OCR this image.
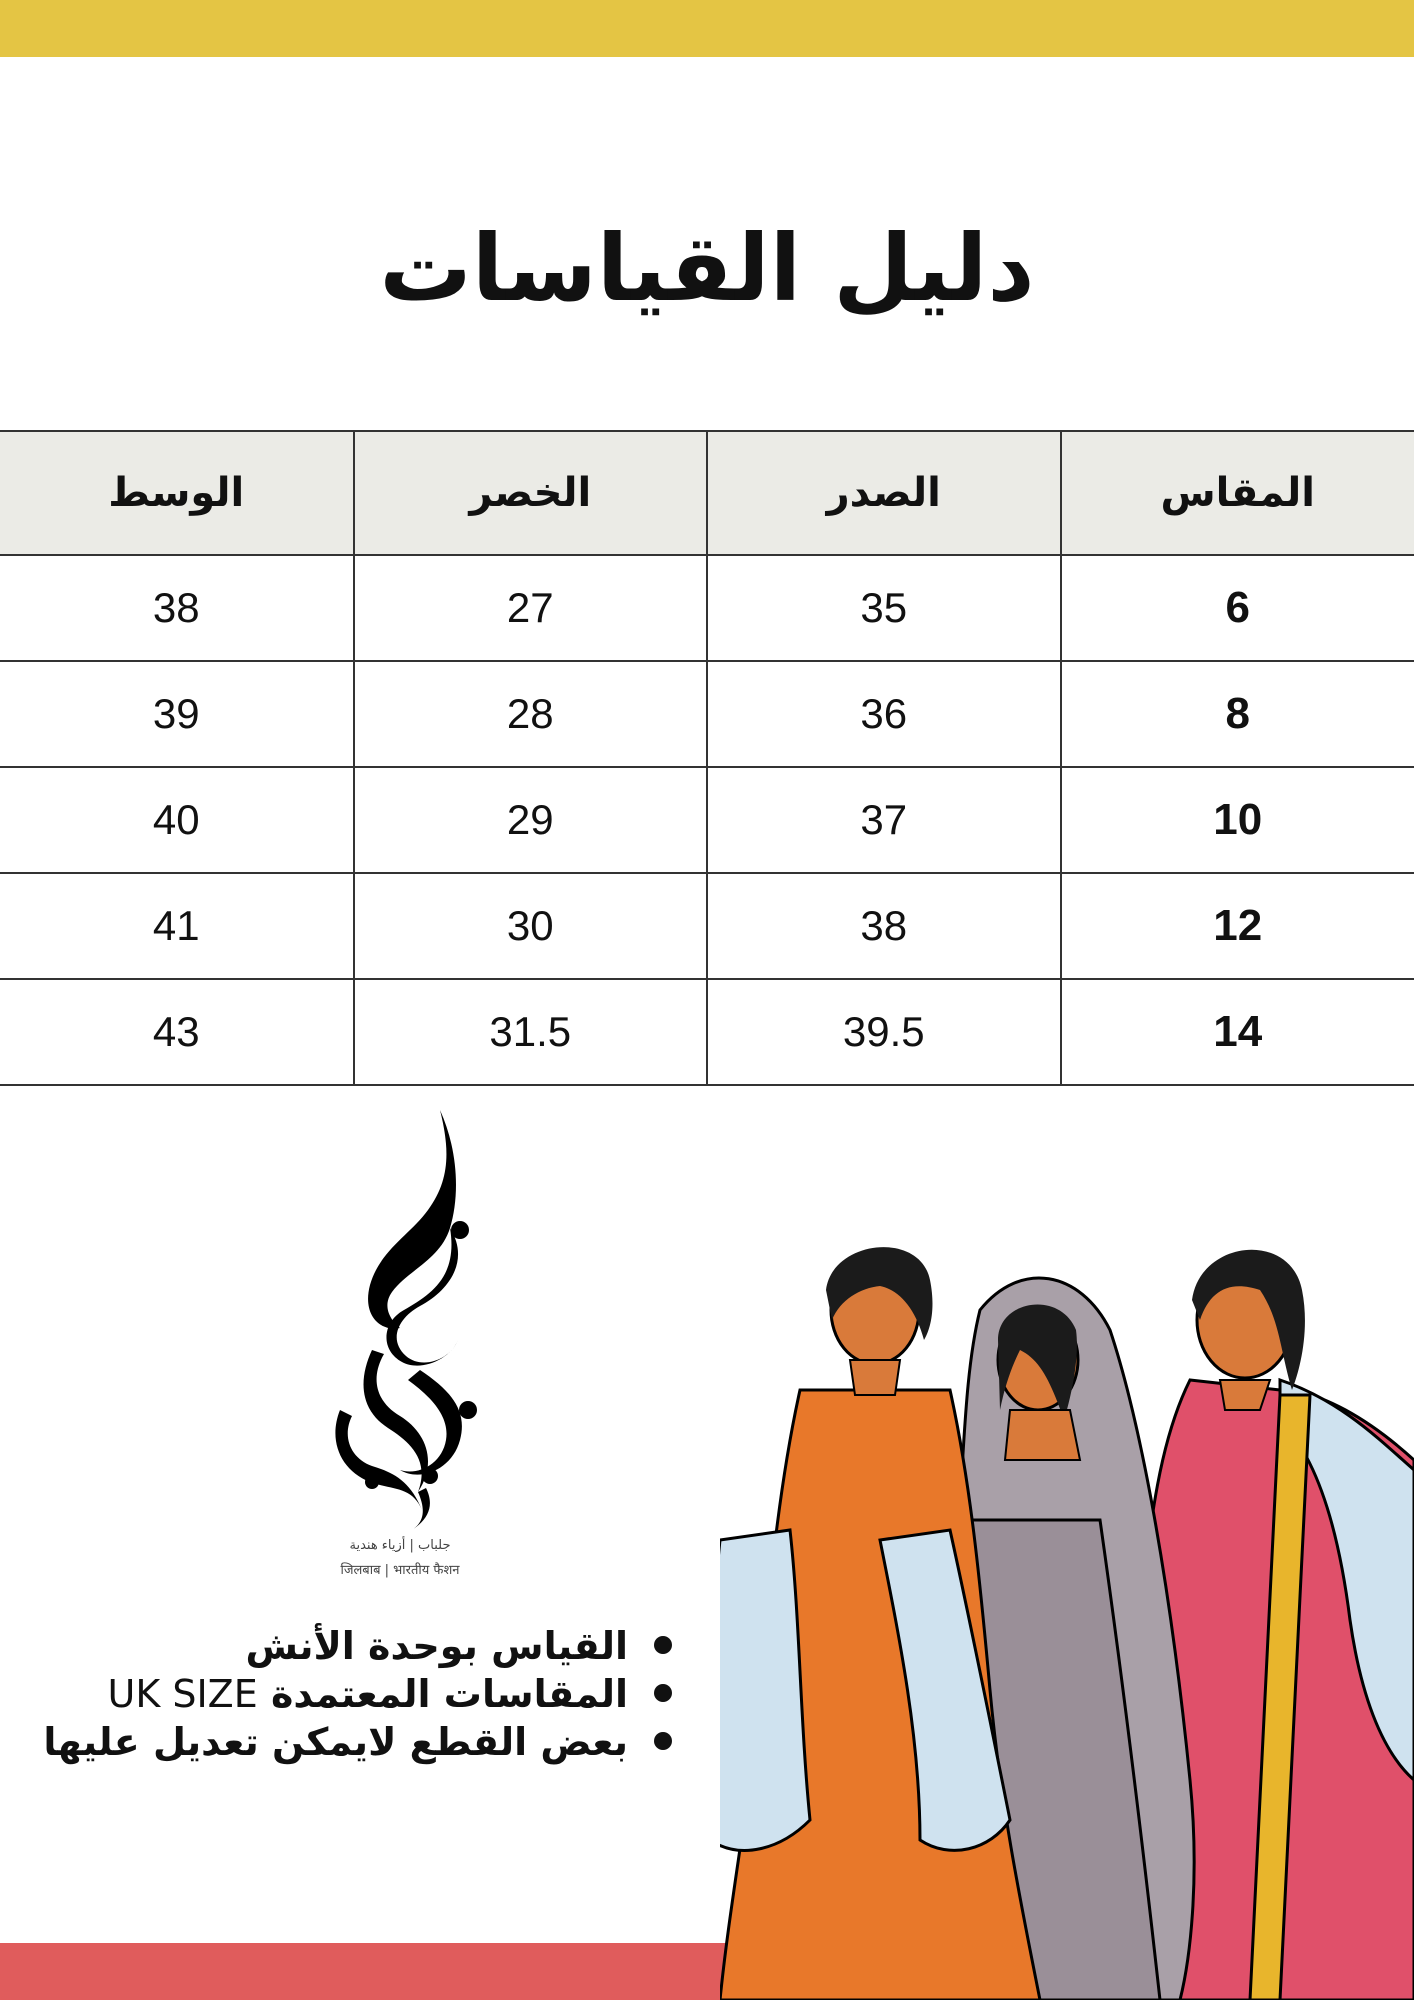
دليل القياسات
الوسط	الخصر	الصدر	المقاس
38	27	35	6
39	28	36	8
40	29	37	10
41	30	38	12
43	31.5	39.5	14
جلباب | أزياء هندية
जिलबाब | भारतीय फैशन
القياس بوحدة الأنش
المقاسات المعتمدة UK SIZE
بعض القطع لايمكن تعديل عليها
